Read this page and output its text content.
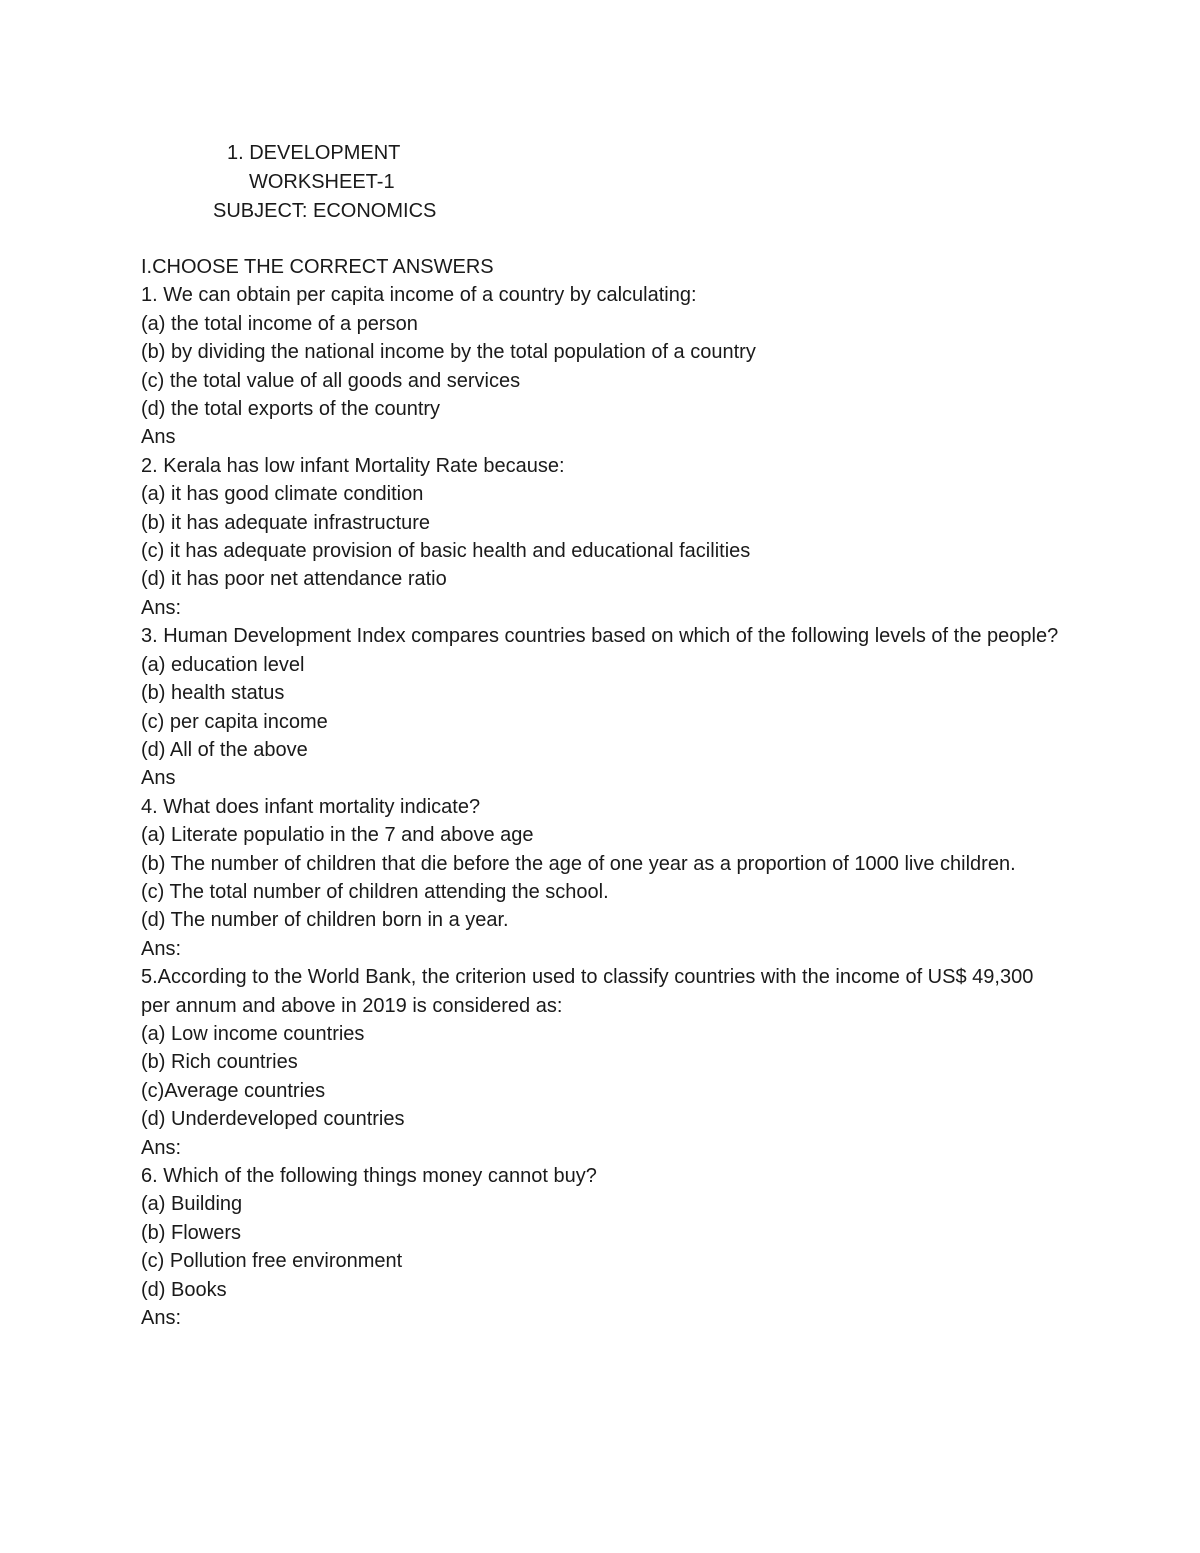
1. DEVELOPMENT
WORKSHEET-1
SUBJECT: ECONOMICS
I.CHOOSE THE CORRECT ANSWERS
1. We can obtain per capita income of a country by calculating:
(a) the total income of a person
(b) by dividing the national income by the total population of a country
(c) the total value of all goods and services
(d) the total exports of the country
Ans
2. Kerala has low infant Mortality Rate because:
(a) it has good climate condition
(b) it has adequate infrastructure
(c) it has adequate provision of basic health and educational facilities
(d) it has poor net attendance ratio
Ans:
3. Human Development Index compares countries based on which of the following levels of the people?
(a) education level
(b) health status
(c) per capita income
(d) All of the above
Ans
4. What does infant mortality indicate?
(a) Literate populatio in the 7 and above age
(b) The number of children that die before the age of one year as a proportion of 1000 live children.
(c) The total number of children attending the school.
(d) The number of children born in a year.
Ans:
5.According to the World Bank, the criterion used to classify countries with the income of US$ 49,300 per annum and above in 2019 is considered as:
(a) Low income countries
(b) Rich countries
(c)Average countries
(d) Underdeveloped countries
Ans:
6. Which of the following things money cannot buy?
(a) Building
(b) Flowers
(c) Pollution free environment
(d) Books
Ans:
